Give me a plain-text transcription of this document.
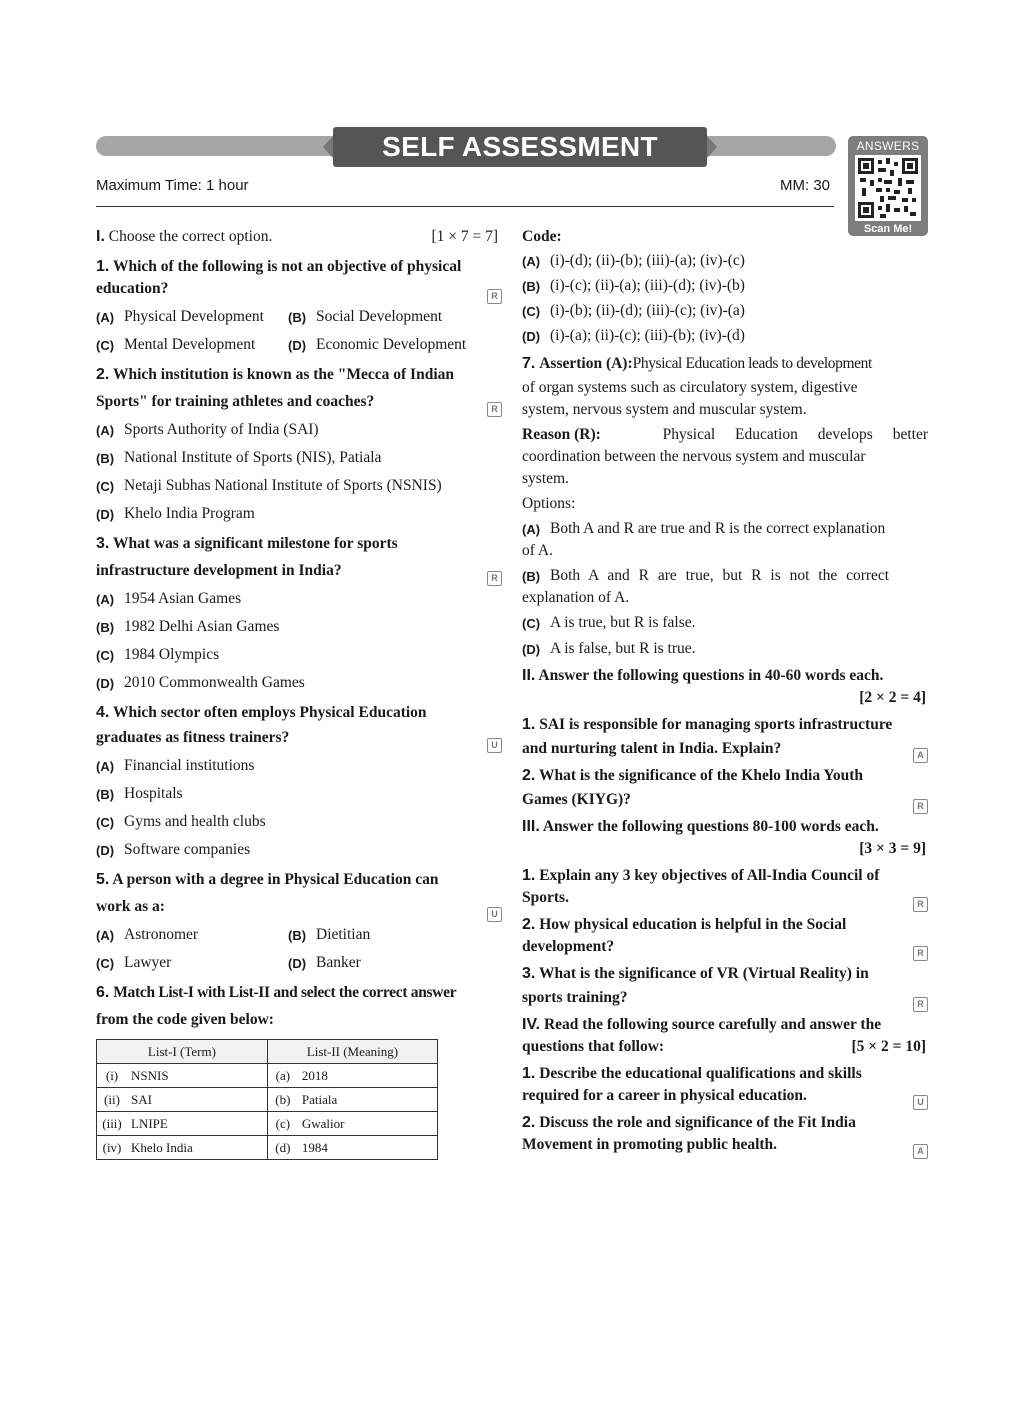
SELF ASSESSMENT PAPER-1
ANSWERS
Scan Me!
Maximum Time: 1 hour	MM: 30
I. Choose the correct option.	[1 × 7 = 7]
1. Which of the following is not an objective of physical
education?	R
(A) Physical Development (B) Social Development
(C) Mental Development	(D) Economic Development
2. Which institution is known as the "Mecca of Indian
Sports" for training athletes and coaches?	R
(A) Sports Authority of India (SAI)
(B) National Institute of Sports (NIS), Patiala
(C) Netaji Subhas National Institute of Sports (NSNIS)
(D) Khelo India Program
3. What was a significant milestone for sports
infrastructure development in India?	R
(A) 1954 Asian Games
(B) 1982 Delhi Asian Games
(C) 1984 Olympics
(D) 2010 Commonwealth Games
4. Which sector often employs Physical Education
graduates as fitness trainers?	U
(A) Financial institutions
(B) Hospitals
(C) Gyms and health clubs
(D) Software companies
5. A person with a degree in Physical Education can
work as a:	U
(A) Astronomer	(B) Dietitian
(C) Lawyer	(D) Banker
6. Match List-I with List-II and select the correct answer
from the code given below:
List-I (Term)		List-II (Meaning)	
(i)	NSNIS	(a)	2018
(ii)	SAI	(b)	Patiala
(iii)	LNIPE	(c)	Gwalior
(iv)	Khelo India	(d)	1984
Code:
(A) (i)-(d); (ii)-(b); (iii)-(a); (iv)-(c)
(B) (i)-(c); (ii)-(a); (iii)-(d); (iv)-(b)
(C) (i)-(b); (ii)-(d); (iii)-(c); (iv)-(a)
(D) (i)-(a); (ii)-(c); (iii)-(b); (iv)-(d)
7. Assertion (A):Physical Education leads to development
of organ systems such as circulatory system, digestive
system, nervous system and muscular system.
Reason (R):	Physical Education develops better
coordination between the nervous system and muscular
system.
Options:
(A) Both A and R are true and R is the correct explanation
of A.
(B) Both A and R are true, but R is not the correct
explanation of A.
(C) A is true, but R is false.
(D) A is false, but R is true.
II. Answer the following questions in 40-60 words each.
[2 × 2 = 4]
1. SAI is responsible for managing sports infrastructure
and nurturing talent in India. Explain?	A
2. What is the significance of the Khelo India Youth
Games (KIYG)?	R
III. Answer the following questions 80-100 words each.
[3 × 3 = 9]
1. Explain any 3 key objectives of All-India Council of
Sports.	R
2. How physical education is helpful in the Social
development?	R
3. What is the significance of VR (Virtual Reality) in
sports training?	R
IV. Read the following source carefully and answer the
questions that follow:	[5 × 2 = 10]
1. Describe the educational qualifications and skills
required for a career in physical education.	U
2. Discuss the role and significance of the Fit India
Movement in promoting public health.	A
